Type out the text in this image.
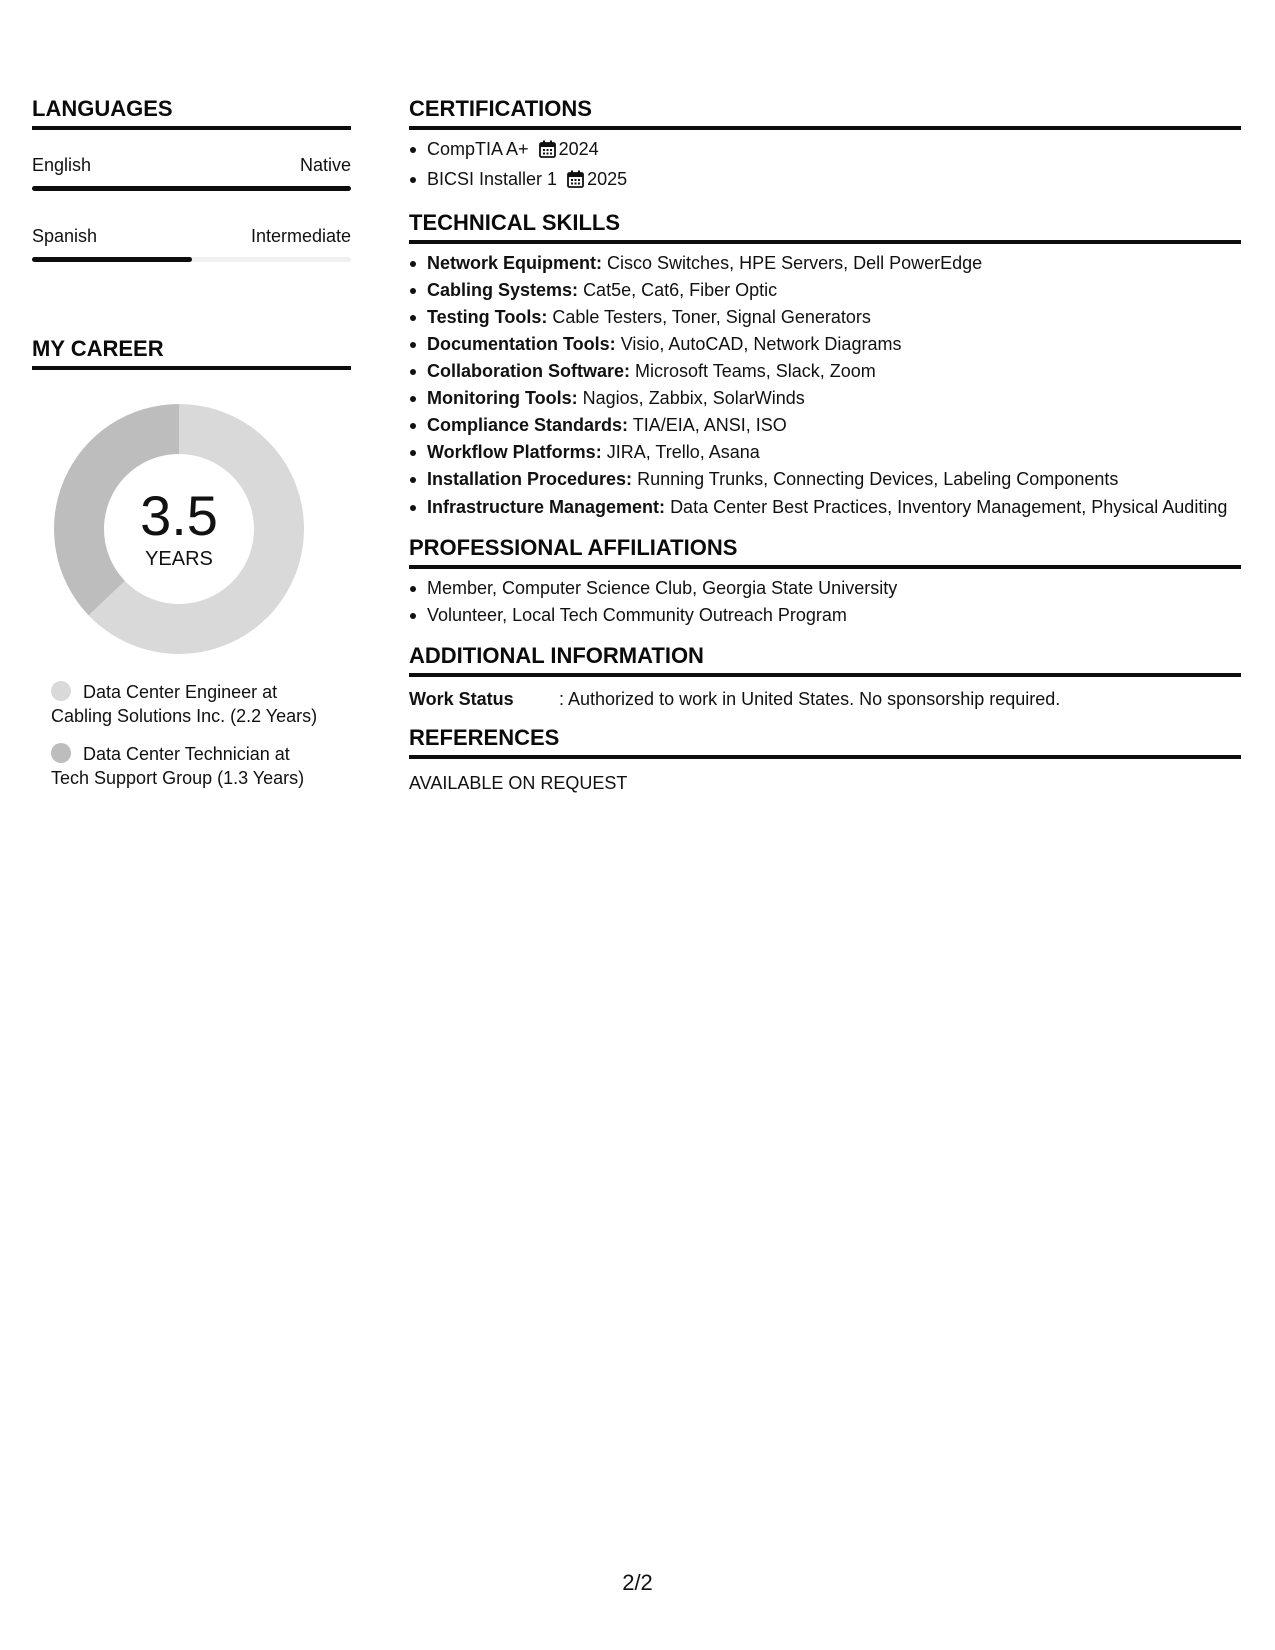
LANGUAGES
English	Native
Spanish	Intermediate
MY CAREER
3.5
YEARS
Data Center Engineer at Cabling Solutions Inc. (2.2 Years)
Data Center Technician at Tech Support Group (1.3 Years)
CERTIFICATIONS
CompTIA A+ 2024
BICSI Installer 1 2025
TECHNICAL SKILLS
Network Equipment: Cisco Switches, HPE Servers, Dell PowerEdge
Cabling Systems: Cat5e, Cat6, Fiber Optic
Testing Tools: Cable Testers, Toner, Signal Generators
Documentation Tools: Visio, AutoCAD, Network Diagrams
Collaboration Software: Microsoft Teams, Slack, Zoom
Monitoring Tools: Nagios, Zabbix, SolarWinds
Compliance Standards: TIA/EIA, ANSI, ISO
Workflow Platforms: JIRA, Trello, Asana
Installation Procedures: Running Trunks, Connecting Devices, Labeling Components
Infrastructure Management: Data Center Best Practices, Inventory Management, Physical Auditing
PROFESSIONAL AFFILIATIONS
Member, Computer Science Club, Georgia State University
Volunteer, Local Tech Community Outreach Program
ADDITIONAL INFORMATION
Work Status	: Authorized to work in United States. No sponsorship required.
REFERENCES
AVAILABLE ON REQUEST
2/2
